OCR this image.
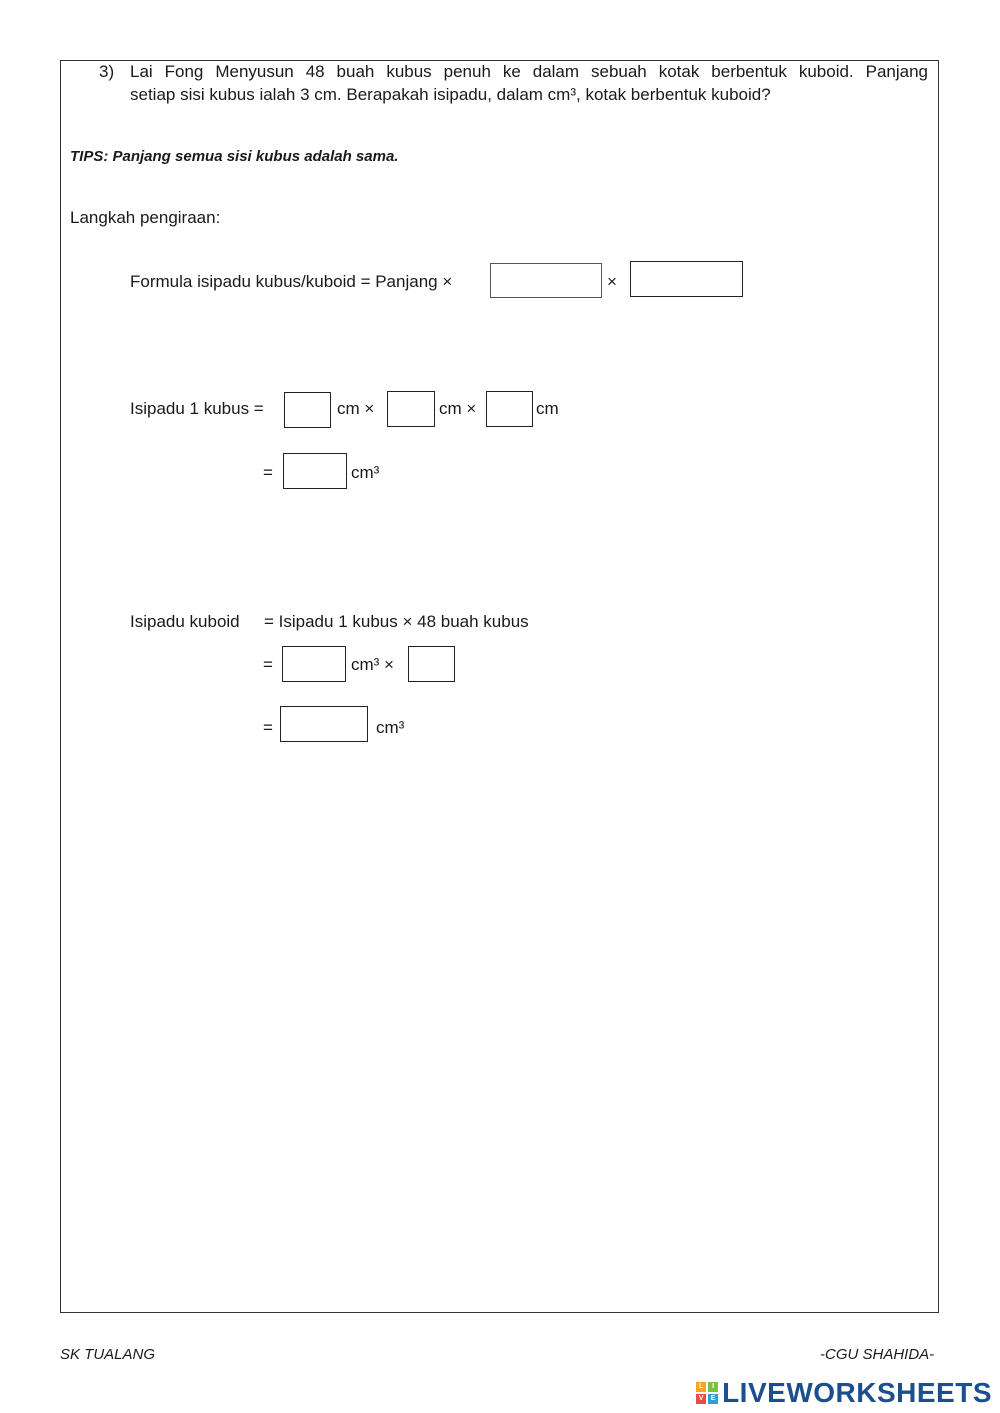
3) Lai Fong Menyusun 48 buah kubus penuh ke dalam sebuah kotak berbentuk kuboid. Panjang
setiap sisi kubus ialah 3 cm. Berapakah isipadu, dalam cm³, kotak berbentuk kuboid?
TIPS: Panjang semua sisi kubus adalah sama.
Langkah pengiraan:
Formula isipadu kubus/kuboid = Panjang ×	×
Isipadu 1 kubus =	cm ×	cm ×	cm
=	cm³
Isipadu kuboid = Isipadu 1 kubus × 48 buah kubus
=	cm³ ×
=	cm³
SK TUALANG	-CGU SHAHIDA-
L	I
V	E LIVEWORKSHEETS
